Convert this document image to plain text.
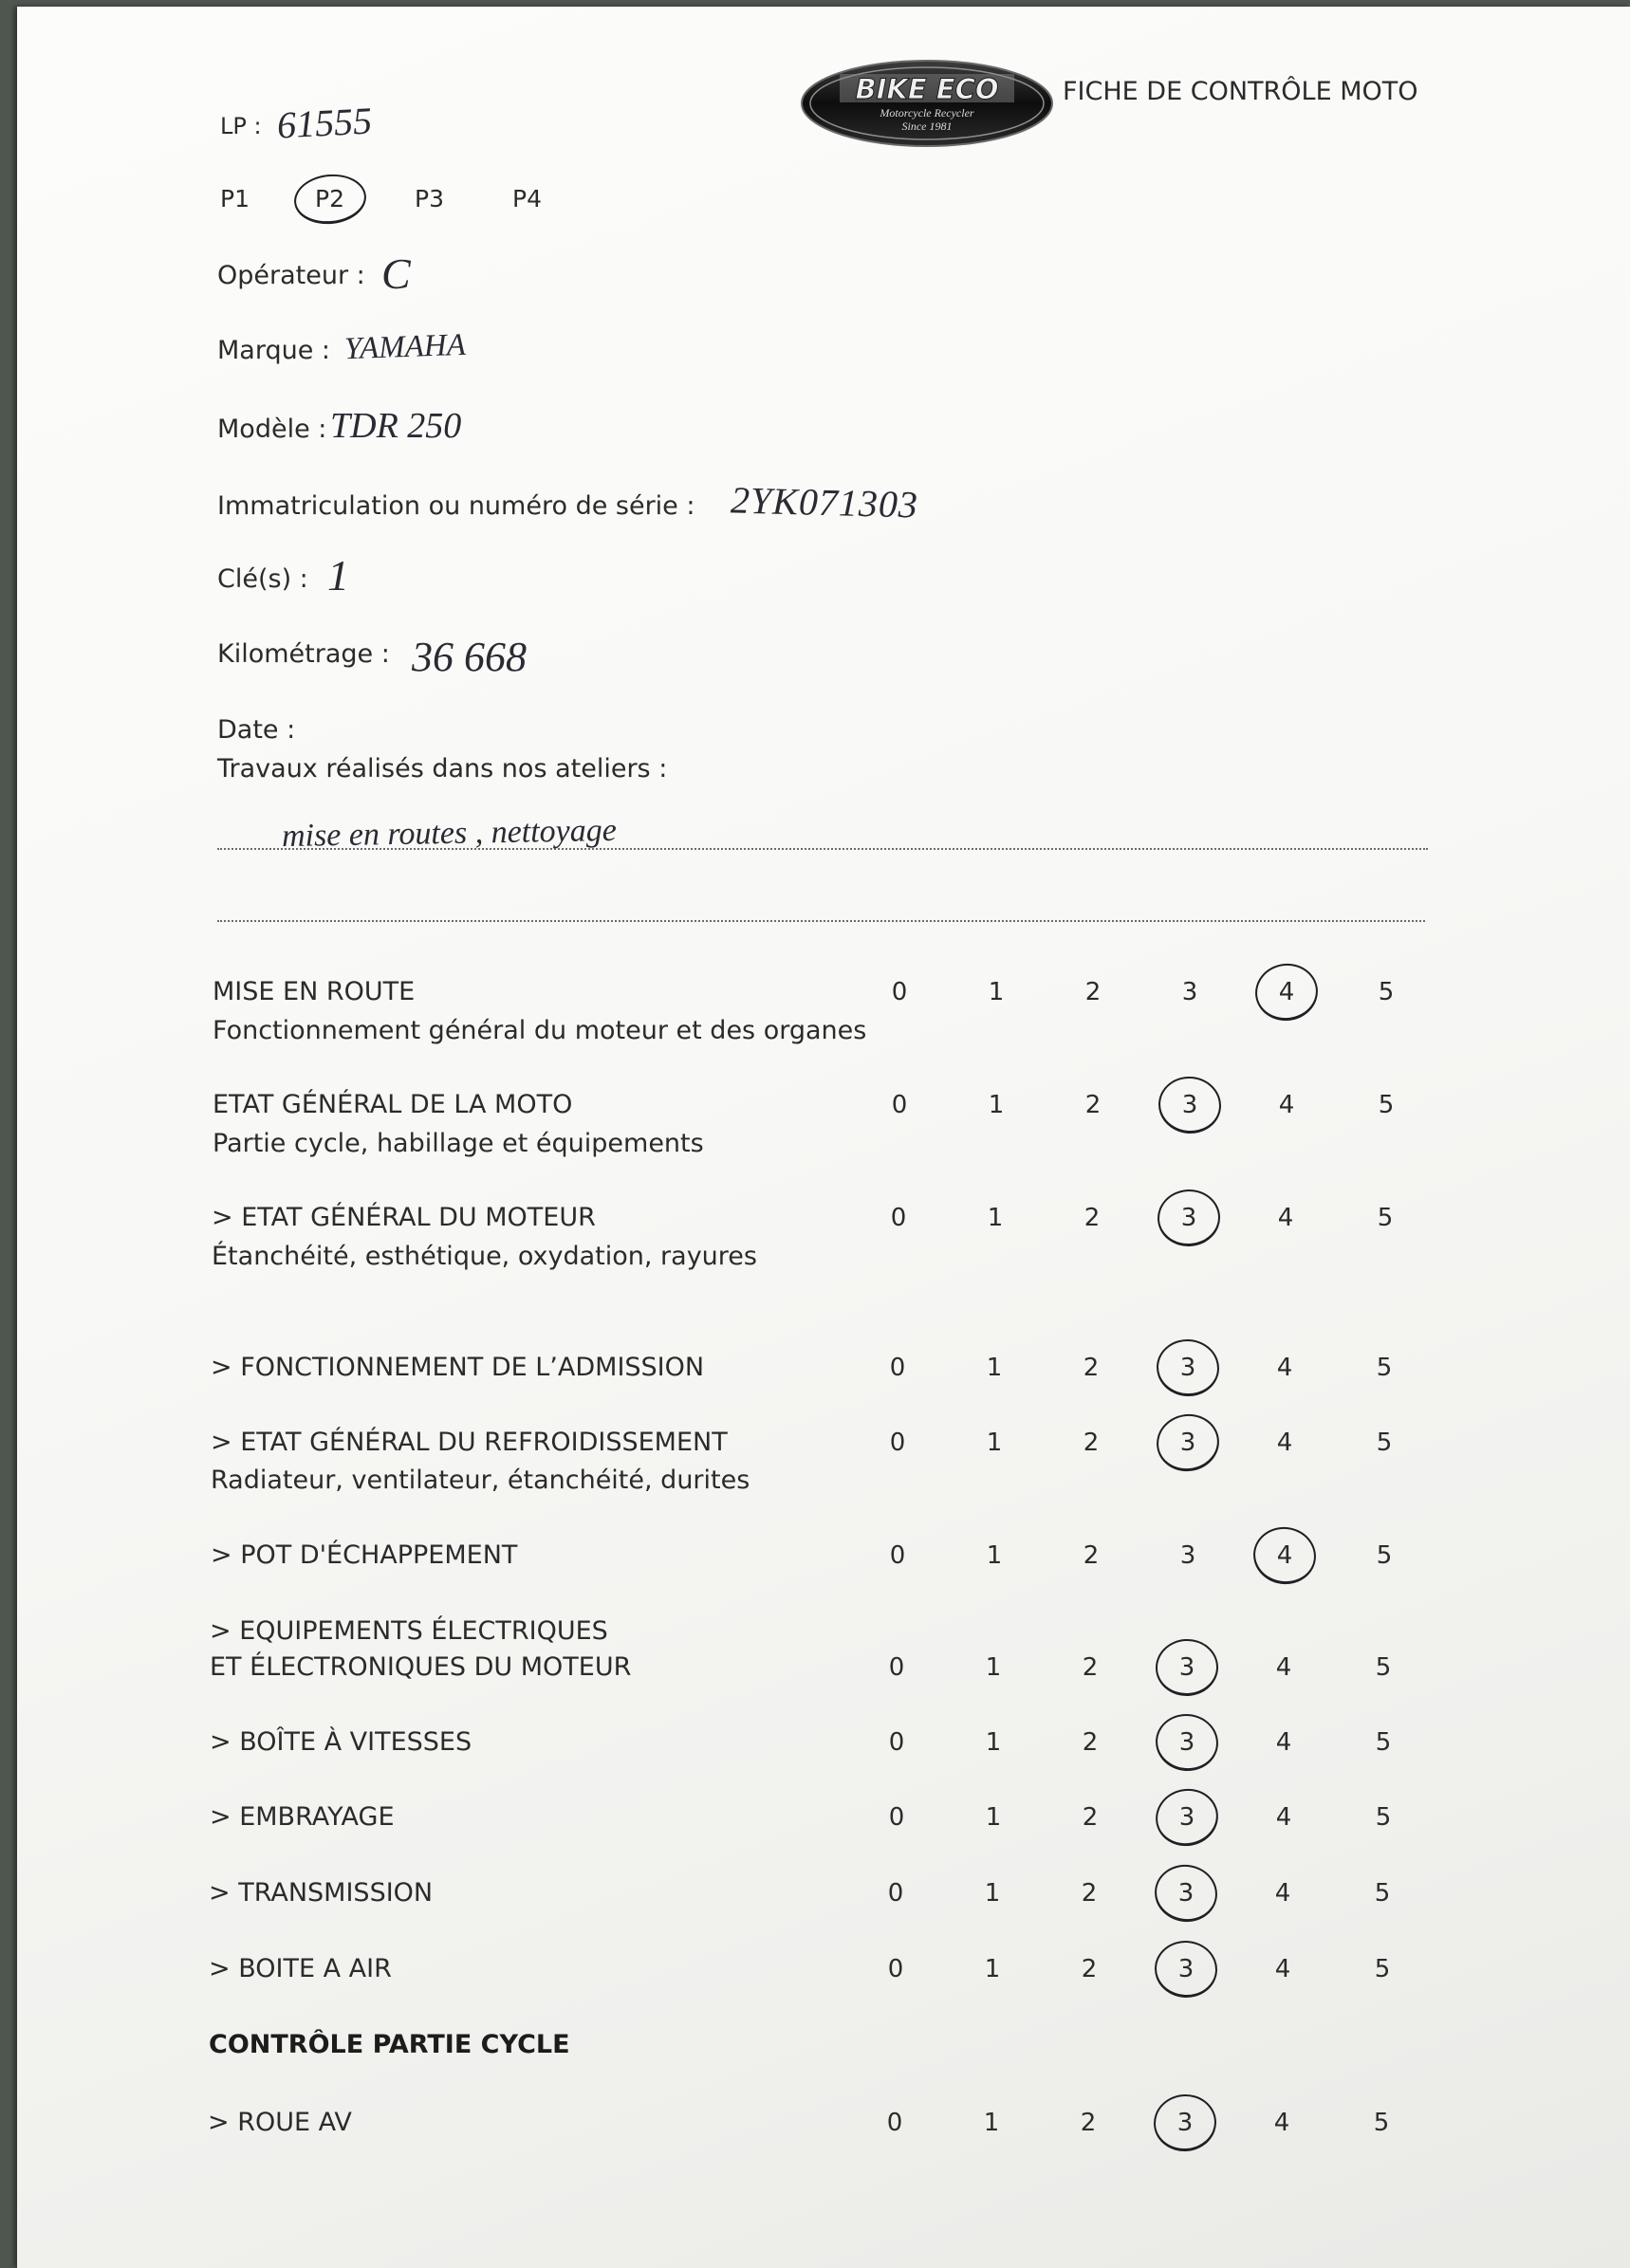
BIKE ECO
Motorcycle Recycler
Since 1981
FICHE DE CONTRÔLE MOTO
LP : 61555
P1	P2	P3	P4
Opérateur : C
Marque : YAMAHA
Modèle : TDR 250
Immatriculation ou numéro de série : 2YK071303
Clé(s) : 1
Kilométrage : 36 668
Date :
Travaux réalisés dans nos ateliers :
mise en routes , nettoyage
MISE EN ROUTE
Fonctionnement général du moteur et des organes
0	1	2	3	4	5
ETAT GÉNÉRAL DE LA MOTO
Partie cycle, habillage et équipements
0	1	2	3	4	5
> ETAT GÉNÉRAL DU MOTEUR
Étanchéité, esthétique, oxydation, rayures
0	1	2	3	4	5
> FONCTIONNEMENT DE L’ADMISSION	0	1	2	3	4	5
> ETAT GÉNÉRAL DU REFROIDISSEMENT
Radiateur, ventilateur, étanchéité, durites
0	1	2	3	4	5
> POT D'ÉCHAPPEMENT	0	1	2	3	4	5
> EQUIPEMENTS ÉLECTRIQUES
ET ÉLECTRONIQUES DU MOTEUR	0	1	2	3	4	5
> BOÎTE À VITESSES	0	1	2	3	4	5
> EMBRAYAGE	0	1	2	3	4	5
> TRANSMISSION	0	1	2	3	4	5
> BOITE A AIR	0	1	2	3	4	5
CONTRÔLE PARTIE CYCLE
> ROUE AV	0	1	2	3	4	5
